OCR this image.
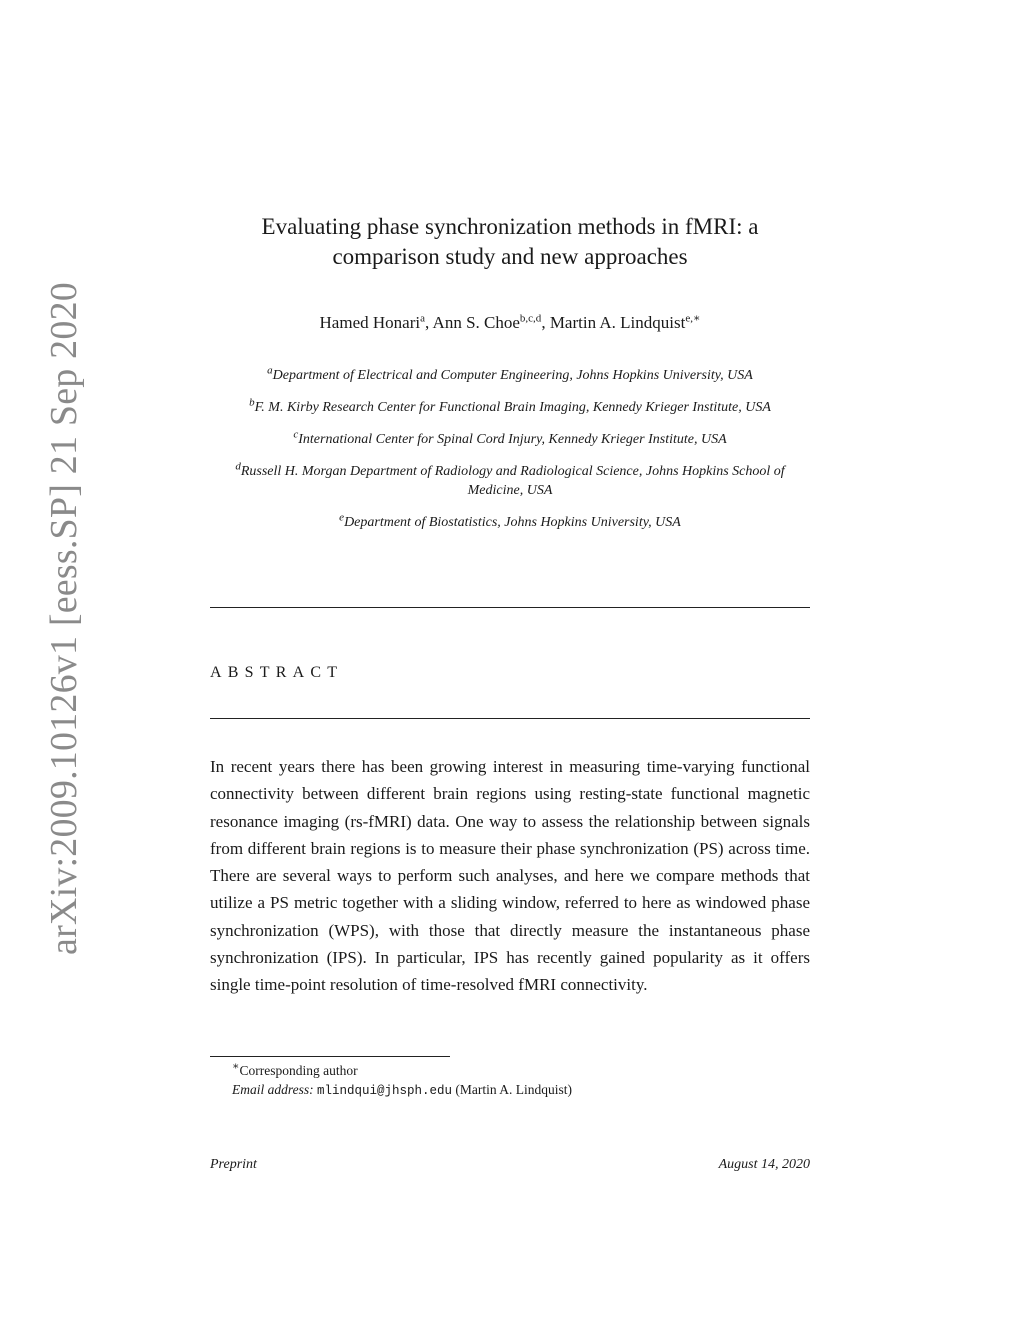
arXiv:2009.10126v1 [eess.SP] 21 Sep 2020
Evaluating phase synchronization methods in fMRI: a comparison study and new approaches
Hamed Honari$^a$, Ann S. Choe$^{b,c,d}$, Martin A. Lindquist$^{e,∗}$
$^a$Department of Electrical and Computer Engineering, Johns Hopkins University, USA
$^b$F. M. Kirby Research Center for Functional Brain Imaging, Kennedy Krieger Institute, USA
$^c$International Center for Spinal Cord Injury, Kennedy Krieger Institute, USA
$^d$Russell H. Morgan Department of Radiology and Radiological Science, Johns Hopkins School of Medicine, USA
$^e$Department of Biostatistics, Johns Hopkins University, USA
ABSTRACT
In recent years there has been growing interest in measuring time-varying functional connectivity between different brain regions using resting-state functional magnetic resonance imaging (rs-fMRI) data. One way to assess the relationship between signals from different brain regions is to measure their phase synchronization (PS) across time. There are several ways to perform such analyses, and here we compare methods that utilize a PS metric together with a sliding window, referred to here as windowed phase synchronization (WPS), with those that directly measure the instantaneous phase synchronization (IPS). In particular, IPS has recently gained popularity as it offers single time-point resolution of time-resolved fMRI connectivity.
∗Corresponding author
Email address: mlindqui@jhsph.edu (Martin A. Lindquist)
Preprint	August 14, 2020
